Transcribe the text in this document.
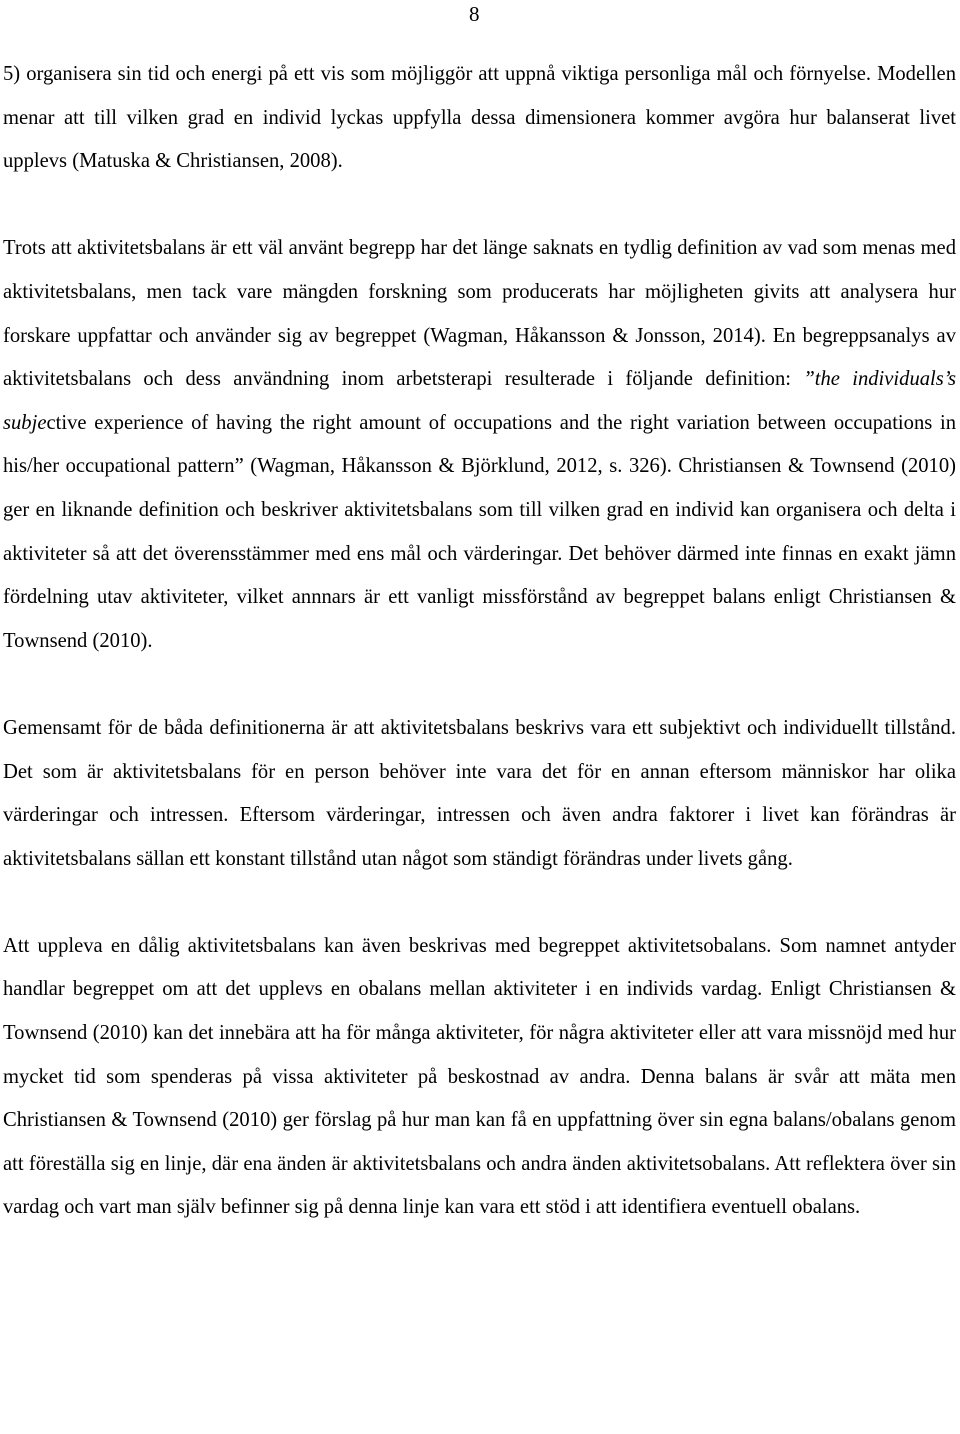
8

5) organisera sin tid och energi på ett vis som möjliggör att uppnå viktiga personliga mål och förnyelse. Modellen menar att till vilken grad en individ lyckas uppfylla dessa dimensionera kommer avgöra hur balanserat livet upplevs (Matuska & Christiansen, 2008).

Trots att aktivitetsbalans är ett väl använt begrepp har det länge saknats en tydlig definition av vad som menas med aktivitetsbalans, men tack vare mängden forskning som producerats har möjligheten givits att analysera hur forskare uppfattar och använder sig av begreppet (Wagman, Håkansson & Jonsson, 2014). En begreppsanalys av aktivitetsbalans och dess användning inom arbetsterapi resulterade i följande definition: ”the individuals’s subjective experience of having the right amount of occupations and the right variation between occupations in his/her occupational pattern” (Wagman, Håkansson & Björklund, 2012, s. 326). Christiansen & Townsend (2010) ger en liknande definition och beskriver aktivitetsbalans som till vilken grad en individ kan organisera och delta i aktiviteter så att det överensstämmer med ens mål och värderingar. Det behöver därmed inte finnas en exakt jämn fördelning utav aktiviteter, vilket annnars är ett vanligt missförstånd av begreppet balans enligt Christiansen & Townsend (2010).

Gemensamt för de båda definitionerna är att aktivitetsbalans beskrivs vara ett subjektivt och individuellt tillstånd. Det som är aktivitetsbalans för en person behöver inte vara det för en annan eftersom människor har olika värderingar och intressen. Eftersom värderingar, intressen och även andra faktorer i livet kan förändras är aktivitetsbalans sällan ett konstant tillstånd utan något som ständigt förändras under livets gång.

Att uppleva en dålig aktivitetsbalans kan även beskrivas med begreppet aktivitetsobalans. Som namnet antyder handlar begreppet om att det upplevs en obalans mellan aktiviteter i en individs vardag. Enligt Christiansen & Townsend (2010) kan det innebära att ha för många aktiviteter, för några aktiviteter eller att vara missnöjd med hur mycket tid som spenderas på vissa aktiviteter på beskostnad av andra. Denna balans är svår att mäta men Christiansen & Townsend (2010) ger förslag på hur man kan få en uppfattning över sin egna balans/obalans genom att föreställa sig en linje, där ena änden är aktivitetsbalans och andra änden aktivitetsobalans. Att reflektera över sin vardag och vart man själv befinner sig på denna linje kan vara ett stöd i att identifiera eventuell obalans.
